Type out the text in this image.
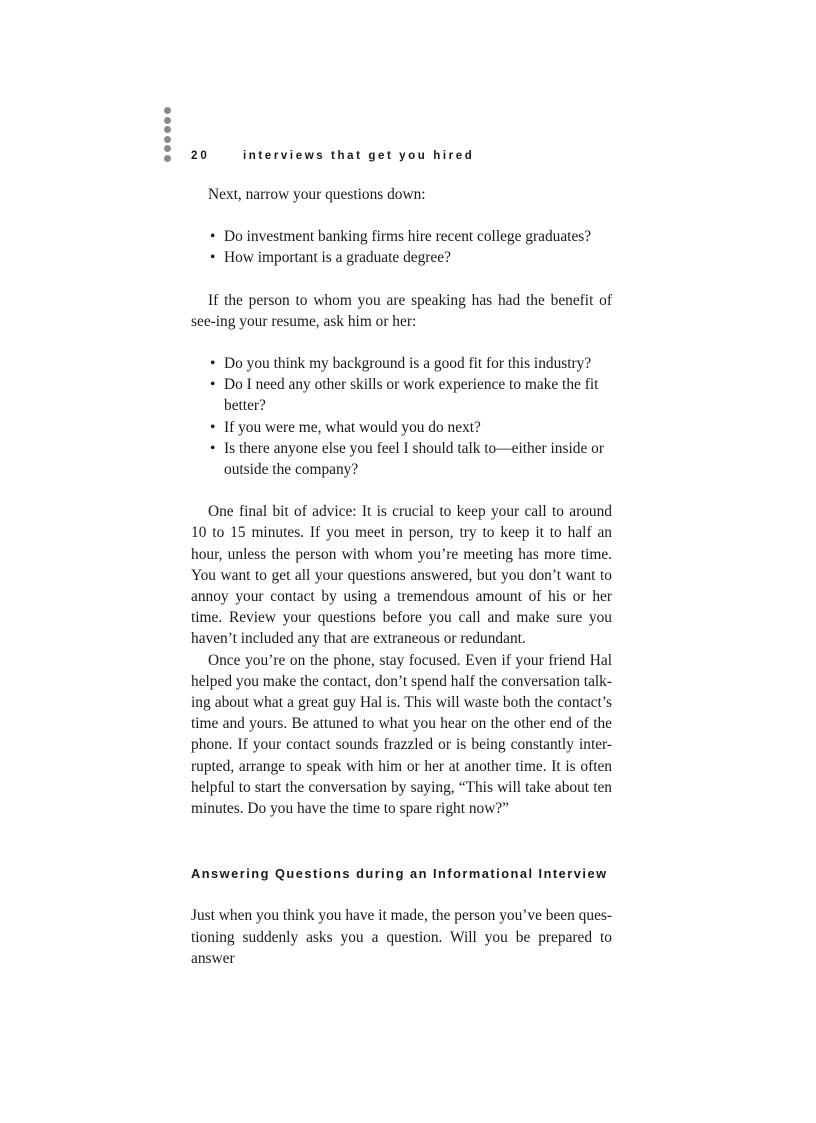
20	interviews that get you hired

Next, narrow your questions down:

• Do investment banking firms hire recent college graduates?
• How important is a graduate degree?

If the person to whom you are speaking has had the benefit of see-ing your resume, ask him or her:

• Do you think my background is a good fit for this industry?
• Do I need any other skills or work experience to make the fit better?
• If you were me, what would you do next?
• Is there anyone else you feel I should talk to—either inside or outside the company?

One final bit of advice: It is crucial to keep your call to around 10 to 15 minutes. If you meet in person, try to keep it to half an hour, unless the person with whom you’re meeting has more time. You want to get all your questions answered, but you don’t want to annoy your contact by using a tremendous amount of his or her time. Review your questions before you call and make sure you haven’t included any that are extraneous or redundant.

Once you’re on the phone, stay focused. Even if your friend Hal helped you make the contact, don’t spend half the conversation talk-ing about what a great guy Hal is. This will waste both the contact’s time and yours. Be attuned to what you hear on the other end of the phone. If your contact sounds frazzled or is being constantly inter-rupted, arrange to speak with him or her at another time. It is often helpful to start the conversation by saying, “This will take about ten minutes. Do you have the time to spare right now?”

Answering Questions during an Informational Interview

Just when you think you have it made, the person you’ve been ques-tioning suddenly asks you a question. Will you be prepared to answer
